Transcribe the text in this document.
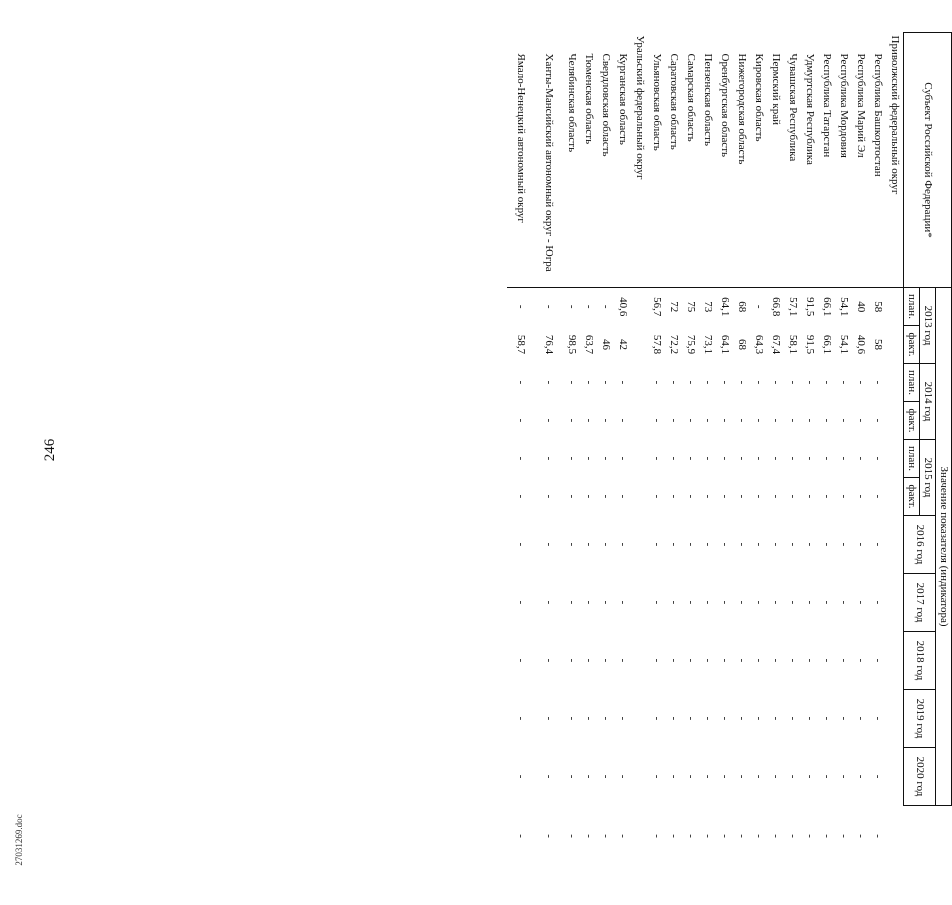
246
27031269.doc
Субъект Российской Федерации*	Значение показателя (индикатора)											
	2013 год		2014 год		2015 год		2016 год	2017 год	2018 год	2019 год	2020 год	
	план.	факт.	план.	факт.	план.	факт.						
Приволжский федеральный округ												
Республика Башкортостан	58	58	-	-	-	-	-	-	-	-	-	-
Республика Марий Эл	40	40,6	-	-	-	-	-	-	-	-	-	-
Республика Мордовия	54,1	54,1	-	-	-	-	-	-	-	-	-	-
Республика Татарстан	66,1	66,1	-	-	-	-	-	-	-	-	-	-
Удмуртская Республика	91,5	91,5	-	-	-	-	-	-	-	-	-	-
Чувашская Республика	57,1	58,1	-	-	-	-	-	-	-	-	-	-
Пермский край	66,8	67,4	-	-	-	-	-	-	-	-	-	-
Кировская область	-	64,3	-	-	-	-	-	-	-	-	-	-
Нижегородская область	68	68	-	-	-	-	-	-	-	-	-	-
Оренбургская область	64,1	64,1	-	-	-	-	-	-	-	-	-	-
Пензенская область	73	73,1	-	-	-	-	-	-	-	-	-	-
Самарская область	75	75,9	-	-	-	-	-	-	-	-	-	-
Саратовская область	72	72,2	-	-	-	-	-	-	-	-	-	-
Ульяновская область	56,7	57,8	-	-	-	-	-	-	-	-	-	-
Уральский федеральный округ												
Курганская область	40,6	42	-	-	-	-	-	-	-	-	-	-
Свердловская область	-	46	-	-	-	-	-	-	-	-	-	-
Тюменская область	-	63,7	-	-	-	-	-	-	-	-	-	-
Челябинская область	-	98,5	-	-	-	-	-	-	-	-	-	-
Ханты-Мансийский автономный округ - Югра	-	76,4	-	-	-	-	-	-	-	-	-	-
Ямало-Ненецкий автономный округ	-	58,7	-	-	-	-	-	-	-	-	-	-
